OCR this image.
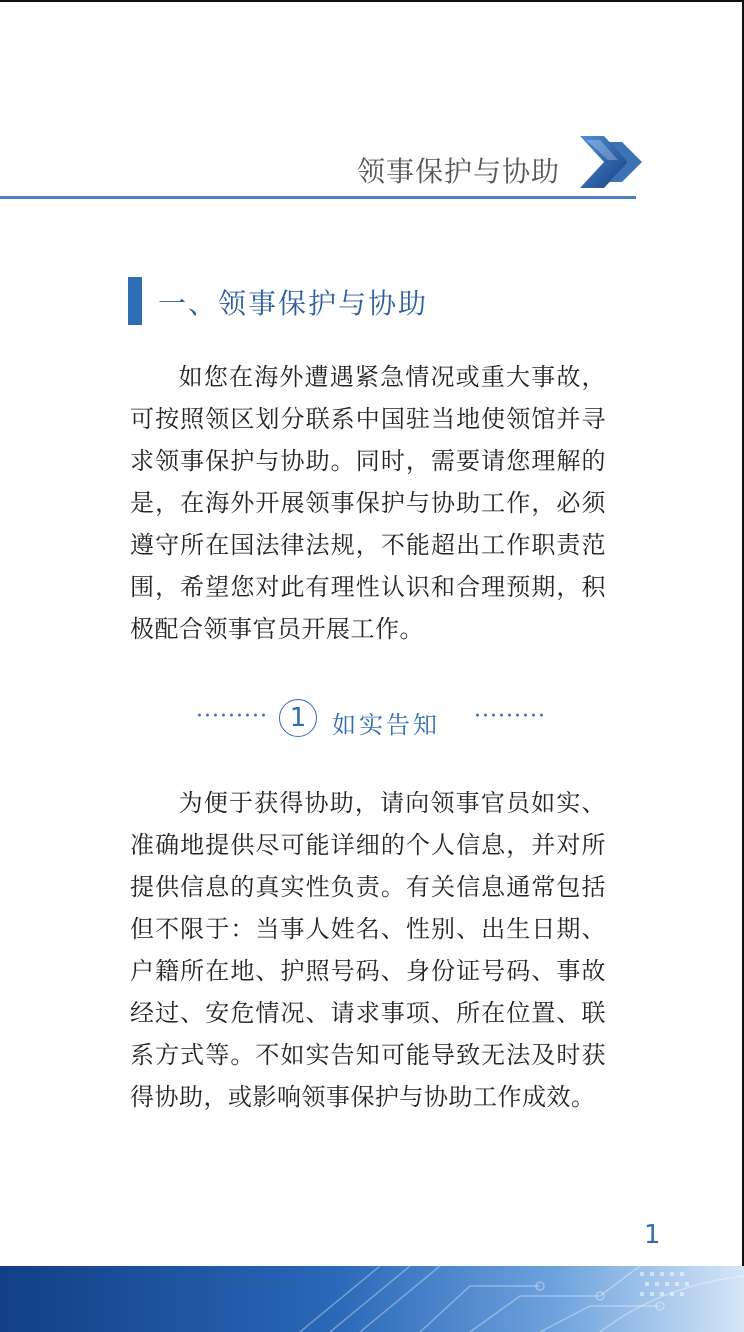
领事保护与协助
一、领事保护与协助

如您在海外遭遇紧急情况或重大事故，可按照领区划分联系中国驻当地使领馆并寻求领事保护与协助。同时，需要请您理解的是，在海外开展领事保护与协助工作，必须遵守所在国法律法规，不能超出工作职责范围，希望您对此有理性认识和合理预期，积极配合领事官员开展工作。

········· 1	如实告知 ·········

为便于获得协助，请向领事官员如实、准确地提供尽可能详细的个人信息，并对所提供信息的真实性负责。有关信息通常包括但不限于：当事人姓名、性别、出生日期、户籍所在地、护照号码、身份证号码、事故经过、安危情况、请求事项、所在位置、联系方式等。不如实告知可能导致无法及时获得协助，或影响领事保护与协助工作成效。

1
